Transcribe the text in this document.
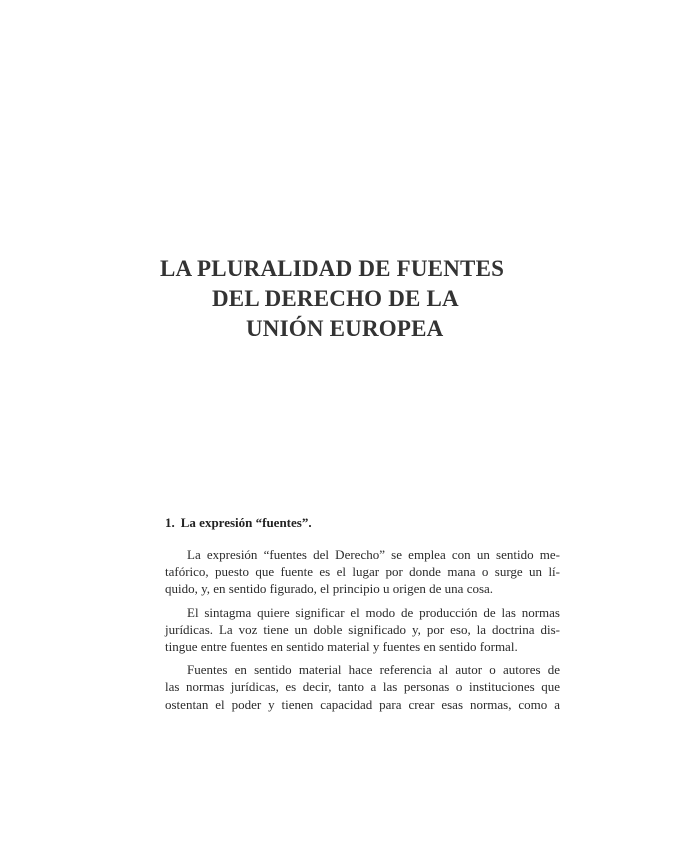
LA PLURALIDAD DE FUENTES
DEL DERECHO DE LA
UNIÓN EUROPEA
1. La expresión “fuentes”.

La expresión “fuentes del Derecho” se emplea con un sentido me-
tafórico, puesto que fuente es el lugar por donde mana o surge un lí-
quido, y, en sentido figurado, el principio u origen de una cosa.

El sintagma quiere significar el modo de producción de las normas
jurídicas. La voz tiene un doble significado y, por eso, la doctrina dis-
tingue entre fuentes en sentido material y fuentes en sentido formal.

Fuentes en sentido material hace referencia al autor o autores de
las normas jurídicas, es decir, tanto a las personas o instituciones que
ostentan el poder y tienen capacidad para crear esas normas, como a
